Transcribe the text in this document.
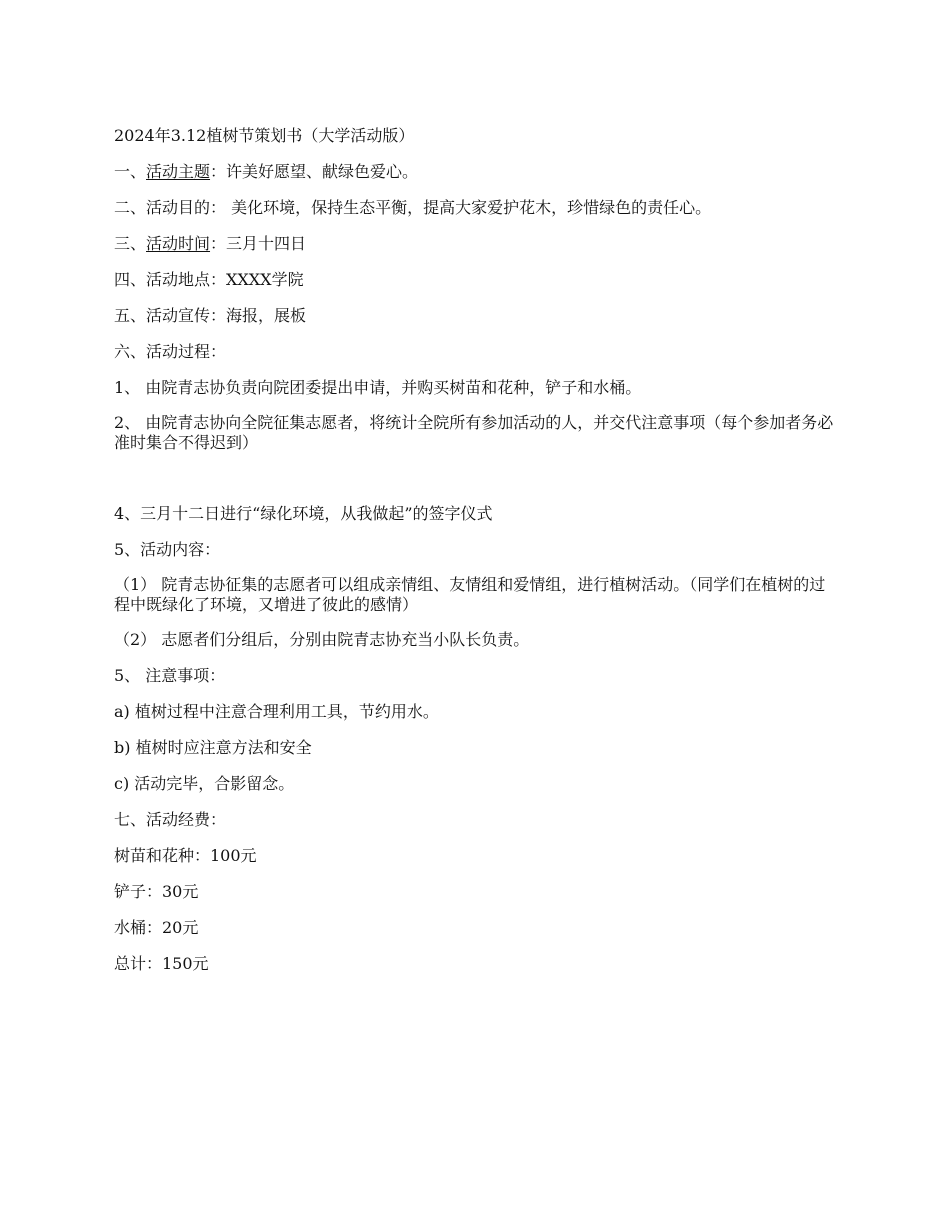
2024年3.12植树节策划书（大学活动版）
一、活动主题：许美好愿望、献绿色爱心。
二、活动目的： 美化环境，保持生态平衡，提高大家爱护花木，珍惜绿色的责任心。
三、活动时间：三月十四日
四、活动地点：XXXX学院
五、活动宣传：海报，展板
六、活动过程：
1、 由院青志协负责向院团委提出申请，并购买树苗和花种，铲子和水桶。
2、 由院青志协向全院征集志愿者，将统计全院所有参加活动的人，并交代注意事项（每个参加者务必准时集合不得迟到）
4、三月十二日进行“绿化环境，从我做起”的签字仪式
5、活动内容：
（1） 院青志协征集的志愿者可以组成亲情组、友情组和爱情组，进行植树活动。（同学们在植树的过程中既绿化了环境，又增进了彼此的感情）
（2） 志愿者们分组后，分别由院青志协充当小队长负责。
5、 注意事项：
a) 植树过程中注意合理利用工具，节约用水。
b) 植树时应注意方法和安全
c) 活动完毕，合影留念。
七、活动经费：
树苗和花种：100元
铲子：30元
水桶：20元
总计：150元
